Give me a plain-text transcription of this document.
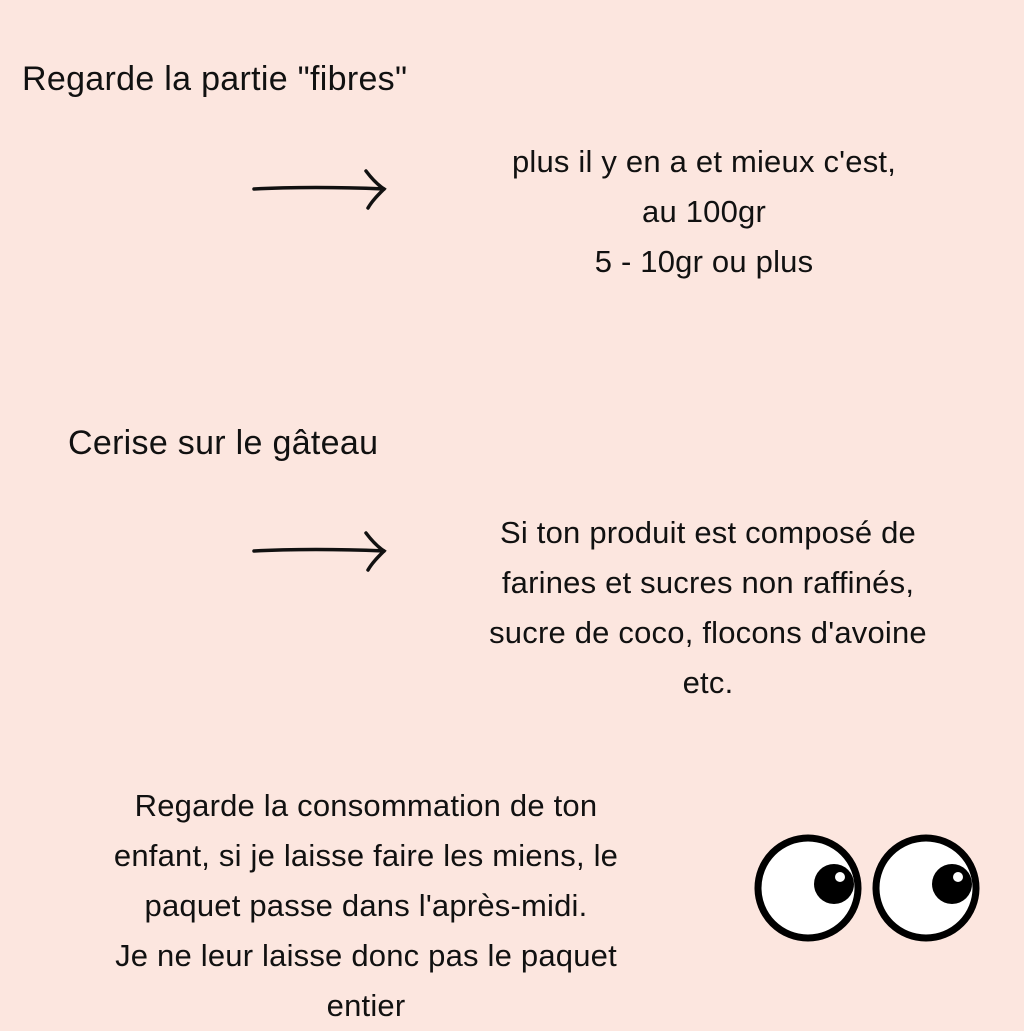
Regarde la partie "fibres"
plus il y en a et mieux c'est,
au 100gr
5 - 10gr ou plus
Cerise sur le gâteau
Si ton produit est composé de
farines et sucres non raffinés,
sucre de coco, flocons d'avoine
etc.
Regarde la consommation de ton
enfant, si je laisse faire les miens, le
paquet passe dans l'après-midi.
Je ne leur laisse donc pas le paquet
entier
